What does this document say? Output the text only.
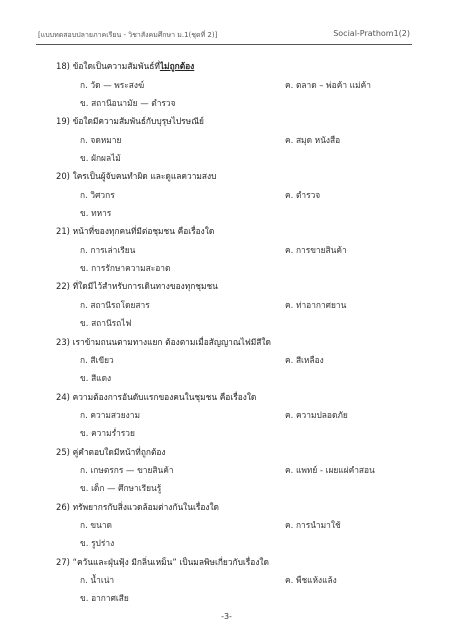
[แบบทดสอบปลายภาคเรียน - วิชาสังคมศึกษา ม.1(ชุดที่ 2)]	Social-Prathom1(2)
18) ข้อใดเป็นความสัมพันธ์ที่ไม่ถูกต้อง
ก. วัด — พระสงฆ์	ค. ตลาด – พ่อค้า แม่ค้า
ข. สถานีอนามัย — ตำรวจ
19) ข้อใดมีความสัมพันธ์กับบุรุษไปรษณีย์
ก. จดหมาย	ค. สมุด หนังสือ
ข. ผักผลไม้
20) ใครเป็นผู้จับคนทำผิด และดูแลความสงบ
ก. วิศวกร	ค. ตำรวจ
ข. ทหาร
21) หน้าที่ของทุกคนที่มีต่อชุมชน คือเรื่องใด
ก. การเล่าเรียน	ค. การขายสินค้า
ข. การรักษาความสะอาด
22) ที่ใดมีไว้สำหรับการเดินทางของทุกชุมชน
ก. สถานีรถโดยสาร	ค. ท่าอากาศยาน
ข. สถานีรถไฟ
23) เราข้ามถนนตามทางแยก ต้องตามเมื่อสัญญาณไฟมีสีใด
ก. สีเขียว	ค. สีเหลือง
ข. สีแดง
24) ความต้องการอันดับแรกของคนในชุมชน คือเรื่องใด
ก. ความสวยงาม	ค. ความปลอดภัย
ข. ความร่ำรวย
25) คู่คำตอบใดมีหน้าที่ถูกต้อง
ก. เกษตรกร — ขายสินค้า	ค. แพทย์ - เผยแผ่คำสอน
ข. เด็ก — ศึกษาเรียนรู้
26) ทรัพยากรกับสิ่งแวดล้อมต่างกันในเรื่องใด
ก. ขนาด	ค. การนำมาใช้
ข. รูปร่าง
27) “ควันและฝุ่นฟุ้ง มีกลิ่นเหม็น” เป็นมลพิษเกี่ยวกับเรื่องใด
ก. น้ำเน่า	ค. พืชแห้งแล้ง
ข. อากาศเสีย
-3-
